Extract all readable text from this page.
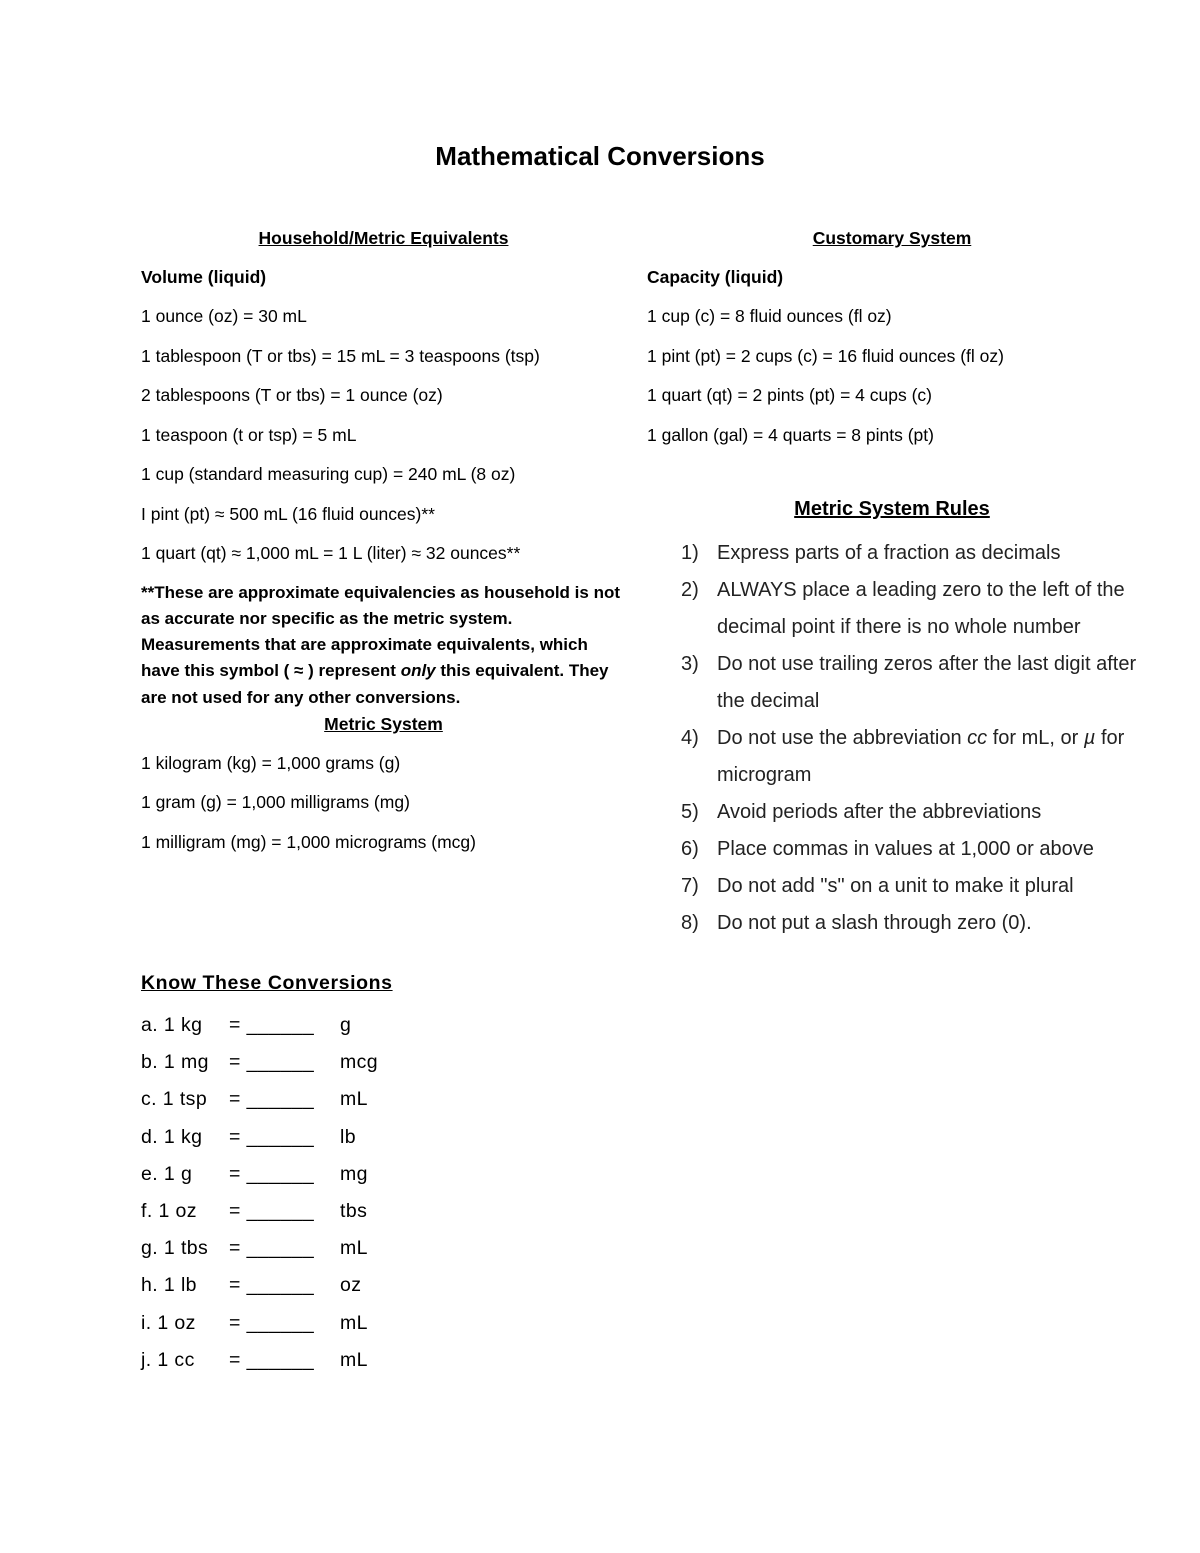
Mathematical Conversions
Household/Metric Equivalents
Volume (liquid)
1 ounce (oz) = 30 mL
1 tablespoon (T or tbs) = 15 mL = 3 teaspoons (tsp)
2 tablespoons (T or tbs) = 1 ounce (oz)
1 teaspoon (t or tsp) = 5 mL
1 cup (standard measuring cup) = 240 mL (8 oz)
I pint (pt) ≈ 500 mL (16 fluid ounces)**
1 quart (qt) ≈ 1,000 mL = 1 L (liter) ≈ 32 ounces**

**These are approximate equivalencies as household is not as accurate nor specific as the metric system. Measurements that are approximate equivalents, which have this symbol ( ≈ ) represent only this equivalent. They are not used for any other conversions.

Metric System
1 kilogram (kg) = 1,000 grams (g)
1 gram (g) = 1,000 milligrams (mg)
1 milligram (mg) = 1,000 micrograms (mcg)
Customary System
Capacity (liquid)
1 cup (c) = 8 fluid ounces (fl oz)
1 pint (pt) = 2 cups (c) = 16 fluid ounces (fl oz)
1 quart (qt) = 2 pints (pt) = 4 cups (c)
1 gallon (gal) = 4 quarts = 8 pints (pt)
Metric System Rules
1) Express parts of a fraction as decimals
2) ALWAYS place a leading zero to the left of the decimal point if there is no whole number
3) Do not use trailing zeros after the last digit after the decimal
4) Do not use the abbreviation cc for mL, or µ for microgram
5) Avoid periods after the abbreviations
6) Place commas in values at 1,000 or above
7) Do not add "s" on a unit to make it plural
8) Do not put a slash through zero (0).
Know These Conversions
a. 1 kg	= ______	g
b. 1 mg	= ______	mcg
c. 1 tsp	= ______	mL
d. 1 kg	= ______	lb
e. 1 g	= ______	mg
f. 1 oz	= ______	tbs
g. 1 tbs	= ______	mL
h. 1 lb	= ______	oz
i. 1 oz	= ______	mL
j. 1 cc	= ______	mL
